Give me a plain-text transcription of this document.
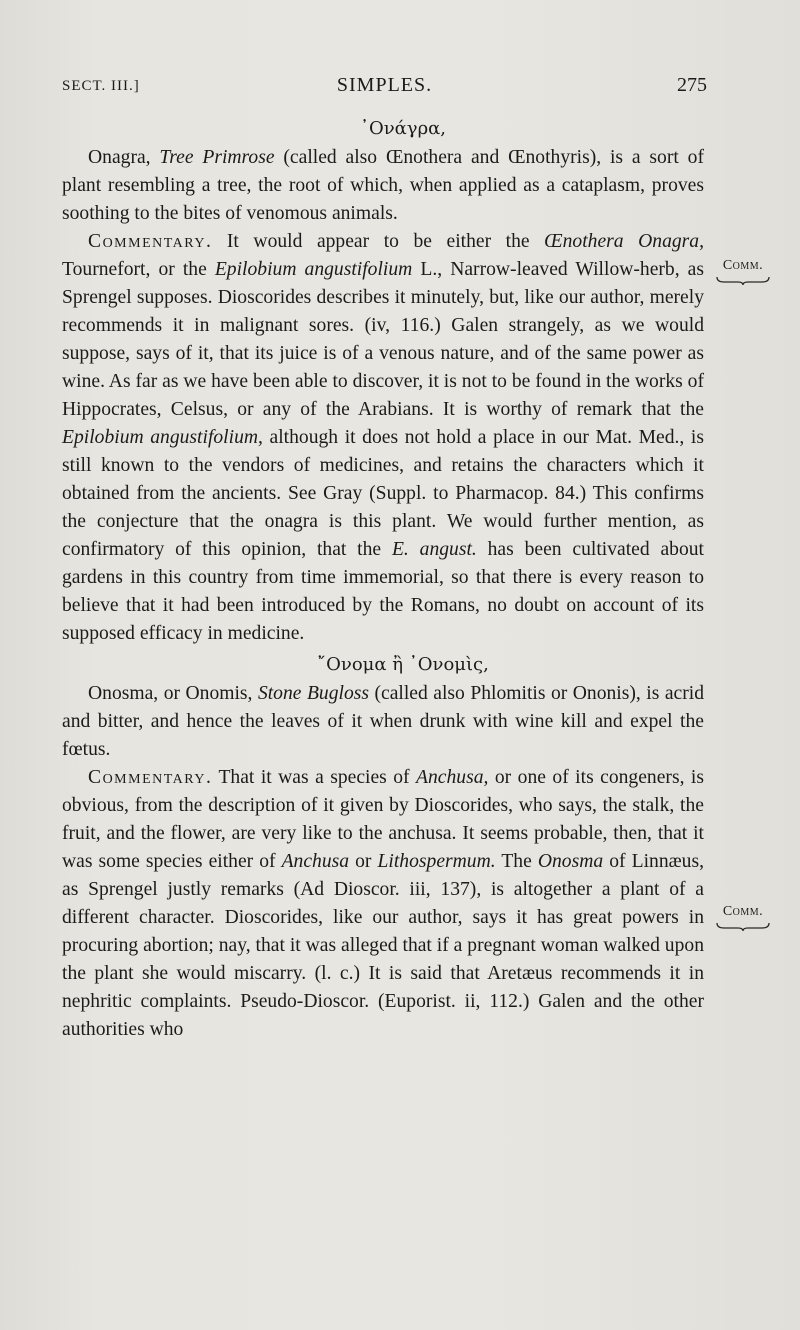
SECT. III.]	SIMPLES.	275
᾿Ονάγρα,

Onagra, Tree Primrose (called also Œnothera and Œnothyris), is a sort of plant resembling a tree, the root of which, when applied as a cataplasm, proves soothing to the bites of venomous animals.

Commentary. It would appear to be either the Œnothera Onagra, Tournefort, or the Epilobium angustifolium L., Narrow-leaved Willow-herb, as Sprengel supposes. Dioscorides describes it minutely, but, like our author, merely recommends it in malignant sores. (iv, 116.) Galen strangely, as we would suppose, says of it, that its juice is of a venous nature, and of the same power as wine. As far as we have been able to discover, it is not to be found in the works of Hippocrates, Celsus, or any of the Arabians. It is worthy of remark that the Epilobium angustifolium, although it does not hold a place in our Mat. Med., is still known to the vendors of medicines, and retains the characters which it obtained from the ancients. See Gray (Suppl. to Pharmacop. 84.) This confirms the conjecture that the onagra is this plant. We would further mention, as confirmatory of this opinion, that the E. angust. has been cultivated about gardens in this country from time immemorial, so that there is every reason to believe that it had been introduced by the Romans, no doubt on account of its supposed efficacy in medicine.

῎Ονομα ἢ ᾿Ονομὶς,

Onosma, or Onomis, Stone Bugloss (called also Phlomitis or Ononis), is acrid and bitter, and hence the leaves of it when drunk with wine kill and expel the fœtus.

Commentary. That it was a species of Anchusa, or one of its congeners, is obvious, from the description of it given by Dioscorides, who says, the stalk, the fruit, and the flower, are very like to the anchusa. It seems probable, then, that it was some species either of Anchusa or Lithospermum. The Onosma of Linnæus, as Sprengel justly remarks (Ad Dioscor. iii, 137), is altogether a plant of a different character. Dioscorides, like our author, says it has great powers in procuring abortion; nay, that it was alleged that if a pregnant woman walked upon the plant she would miscarry. (l. c.) It is said that Aretæus recommends it in nephritic complaints. Pseudo-Dioscor. (Euporist. ii, 112.) Galen and the other authorities who

Comm.
Comm.
